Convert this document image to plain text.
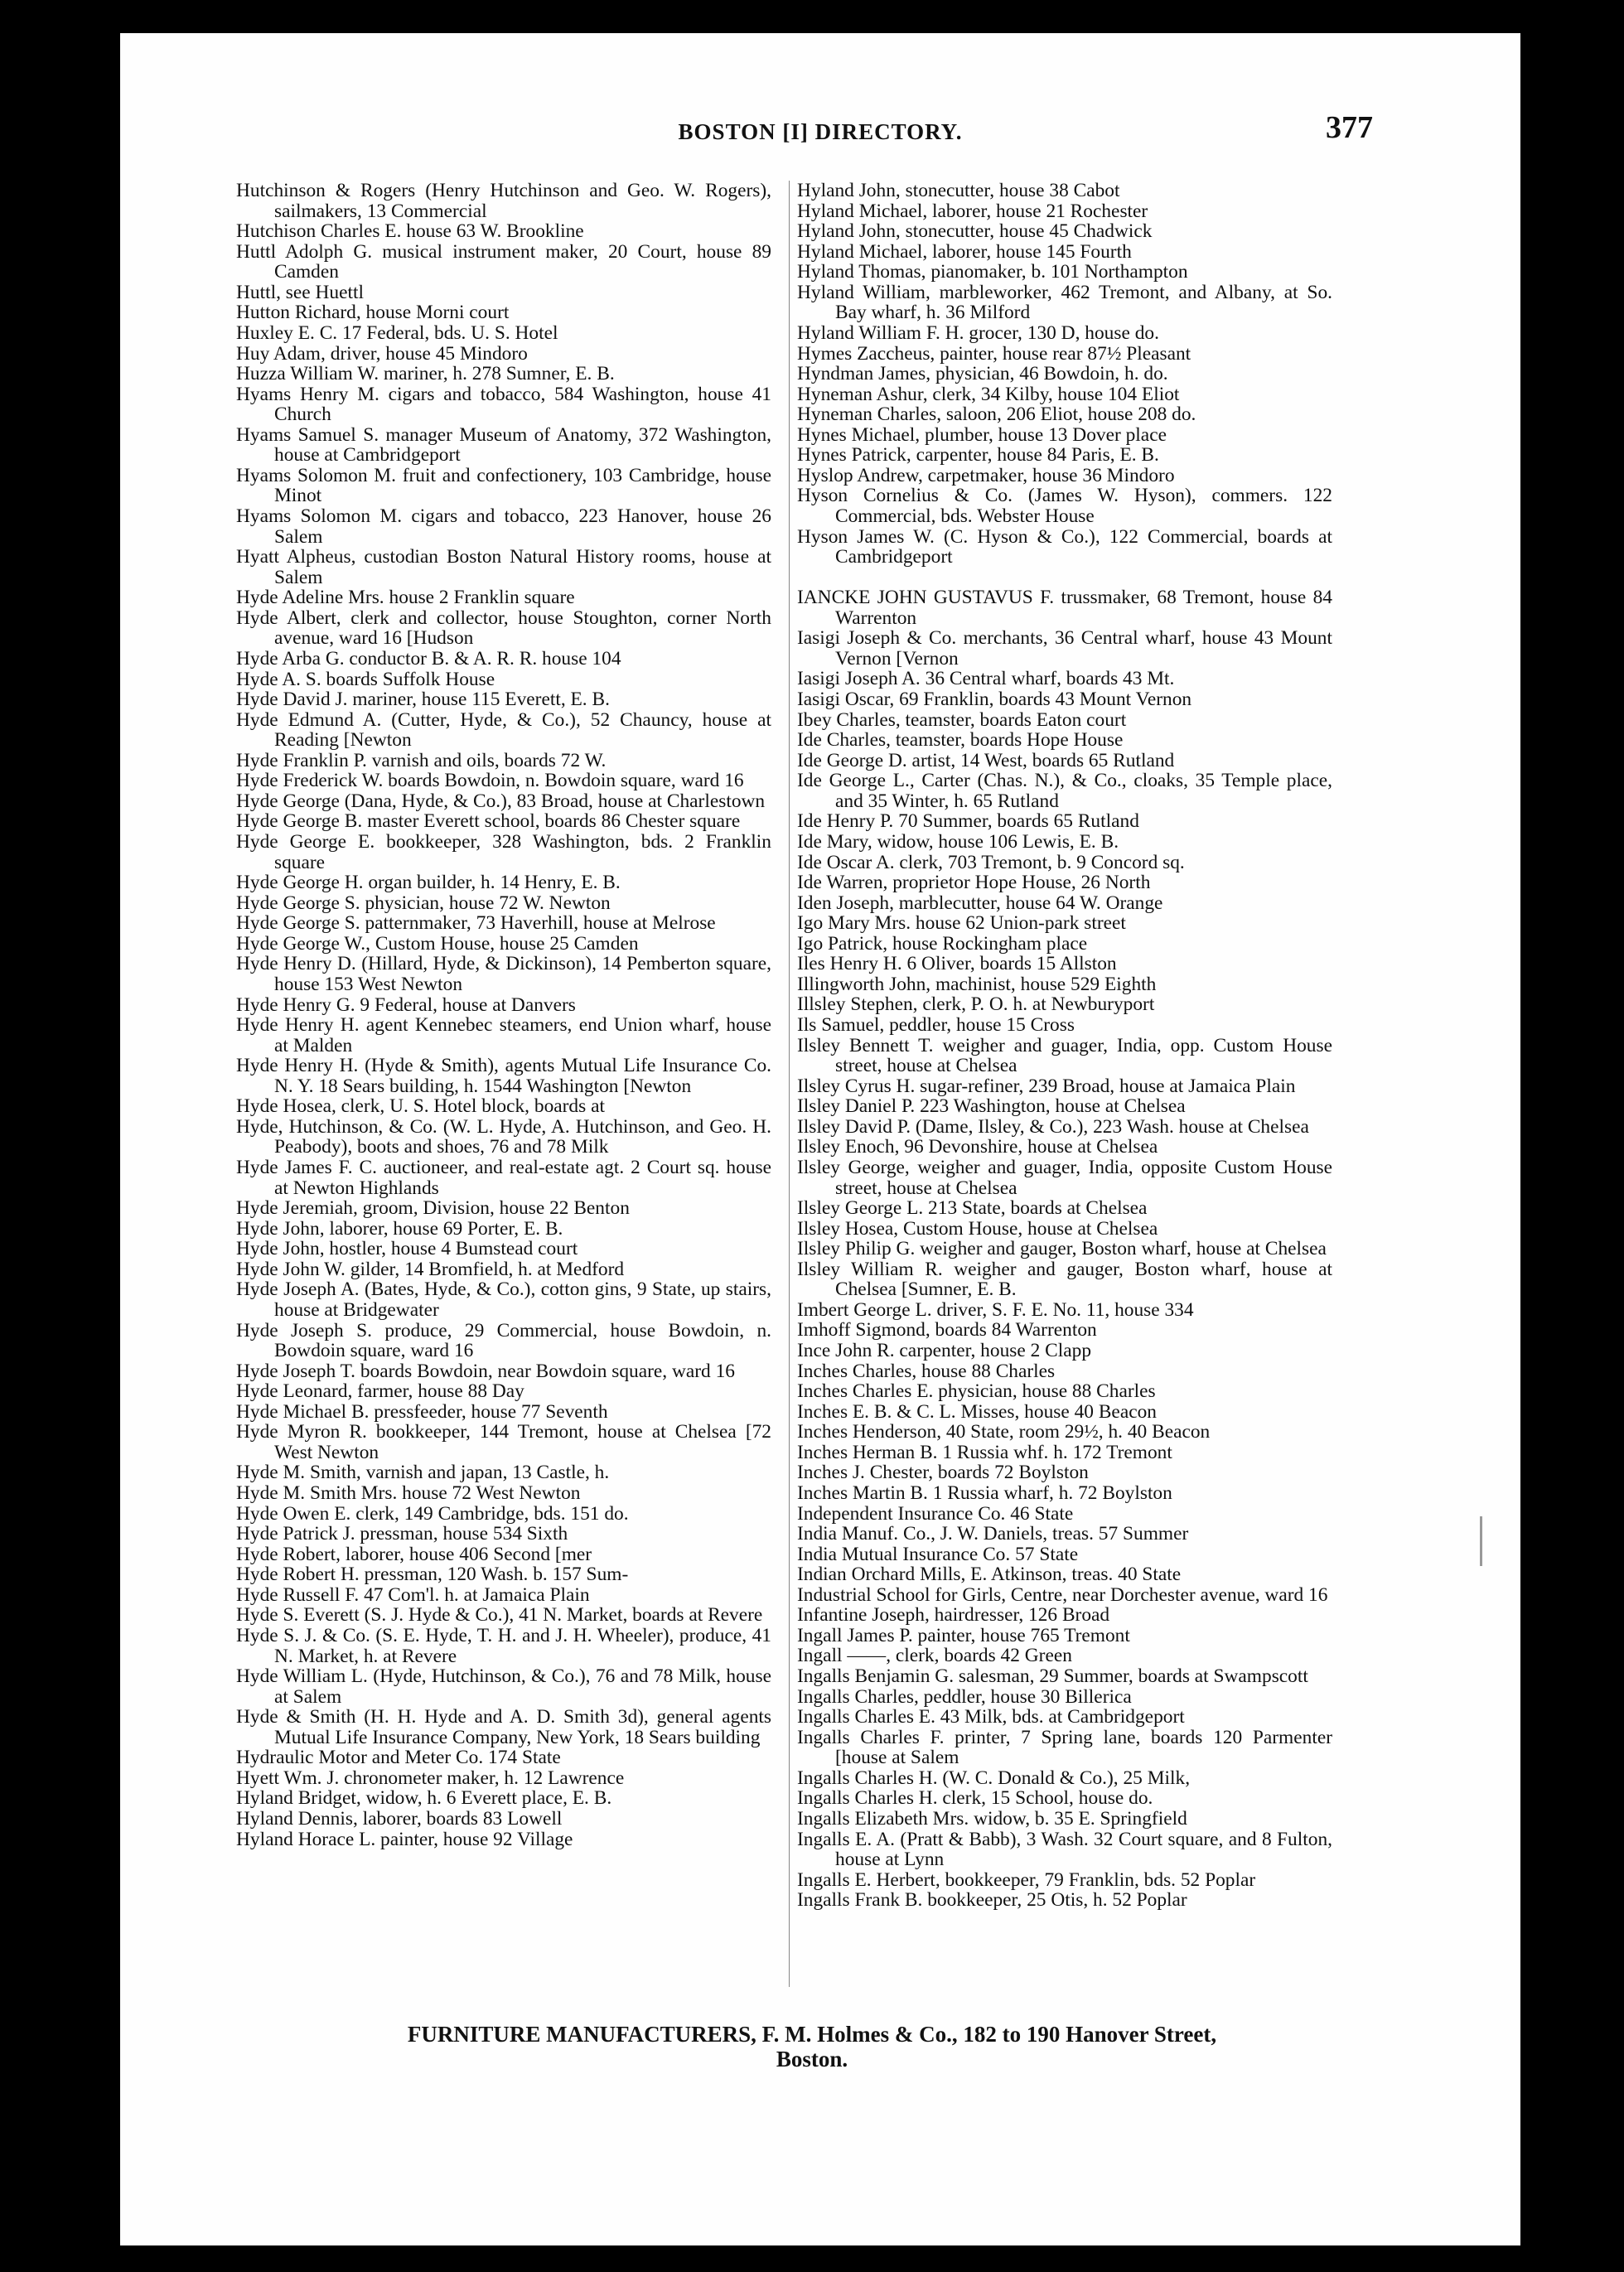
BOSTON [I] DIRECTORY.	377
Hutchinson & Rogers (Henry Hutchinson and Geo. W. Rogers), sailmakers, 13 Commercial
Hutchison Charles E. house 63 W. Brookline
Huttl Adolph G. musical instrument maker, 20 Court, house 89 Camden
Huttl, see Huettl
Hutton Richard, house Morni court
Huxley E. C. 17 Federal, bds. U. S. Hotel
Huy Adam, driver, house 45 Mindoro
Huzza William W. mariner, h. 278 Sumner, E. B.
Hyams Henry M. cigars and tobacco, 584 Washington, house 41 Church
Hyams Samuel S. manager Museum of Anatomy, 372 Washington, house at Cambridgeport
Hyams Solomon M. fruit and confectionery, 103 Cambridge, house Minot
Hyams Solomon M. cigars and tobacco, 223 Hanover, house 26 Salem
Hyatt Alpheus, custodian Boston Natural History rooms, house at Salem
Hyde Adeline Mrs. house 2 Franklin square
Hyde Albert, clerk and collector, house Stoughton, corner North avenue, ward 16 [Hudson
Hyde Arba G. conductor B. & A. R. R. house 104
Hyde A. S. boards Suffolk House
Hyde David J. mariner, house 115 Everett, E. B.
Hyde Edmund A. (Cutter, Hyde, & Co.), 52 Chauncy, house at Reading [Newton
Hyde Franklin P. varnish and oils, boards 72 W.
Hyde Frederick W. boards Bowdoin, n. Bowdoin square, ward 16
Hyde George (Dana, Hyde, & Co.), 83 Broad, house at Charlestown
Hyde George B. master Everett school, boards 86 Chester square
Hyde George E. bookkeeper, 328 Washington, bds. 2 Franklin square
Hyde George H. organ builder, h. 14 Henry, E. B.
Hyde George S. physician, house 72 W. Newton
Hyde George S. patternmaker, 73 Haverhill, house at Melrose
Hyde George W., Custom House, house 25 Camden
Hyde Henry D. (Hillard, Hyde, & Dickinson), 14 Pemberton square, house 153 West Newton
Hyde Henry G. 9 Federal, house at Danvers
Hyde Henry H. agent Kennebec steamers, end Union wharf, house at Malden
Hyde Henry H. (Hyde & Smith), agents Mutual Life Insurance Co. N. Y. 18 Sears building, h. 1544 Washington [Newton
Hyde Hosea, clerk, U. S. Hotel block, boards at
Hyde, Hutchinson, & Co. (W. L. Hyde, A. Hutchinson, and Geo. H. Peabody), boots and shoes, 76 and 78 Milk
Hyde James F. C. auctioneer, and real-estate agt. 2 Court sq. house at Newton Highlands
Hyde Jeremiah, groom, Division, house 22 Benton
Hyde John, laborer, house 69 Porter, E. B.
Hyde John, hostler, house 4 Bumstead court
Hyde John W. gilder, 14 Bromfield, h. at Medford
Hyde Joseph A. (Bates, Hyde, & Co.), cotton gins, 9 State, up stairs, house at Bridgewater
Hyde Joseph S. produce, 29 Commercial, house Bowdoin, n. Bowdoin square, ward 16
Hyde Joseph T. boards Bowdoin, near Bowdoin square, ward 16
Hyde Leonard, farmer, house 88 Day
Hyde Michael B. pressfeeder, house 77 Seventh
Hyde Myron R. bookkeeper, 144 Tremont, house at Chelsea [72 West Newton
Hyde M. Smith, varnish and japan, 13 Castle, h.
Hyde M. Smith Mrs. house 72 West Newton
Hyde Owen E. clerk, 149 Cambridge, bds. 151 do.
Hyde Patrick J. pressman, house 534 Sixth
Hyde Robert, laborer, house 406 Second [mer
Hyde Robert H. pressman, 120 Wash. b. 157 Sum-
Hyde Russell F. 47 Com'l. h. at Jamaica Plain
Hyde S. Everett (S. J. Hyde & Co.), 41 N. Market, boards at Revere
Hyde S. J. & Co. (S. E. Hyde, T. H. and J. H. Wheeler), produce, 41 N. Market, h. at Revere
Hyde William L. (Hyde, Hutchinson, & Co.), 76 and 78 Milk, house at Salem
Hyde & Smith (H. H. Hyde and A. D. Smith 3d), general agents Mutual Life Insurance Company, New York, 18 Sears building
Hydraulic Motor and Meter Co. 174 State
Hyett Wm. J. chronometer maker, h. 12 Lawrence
Hyland Bridget, widow, h. 6 Everett place, E. B.
Hyland Dennis, laborer, boards 83 Lowell
Hyland Horace L. painter, house 92 Village
Hyland John, stonecutter, house 38 Cabot
Hyland Michael, laborer, house 21 Rochester
Hyland John, stonecutter, house 45 Chadwick
Hyland Michael, laborer, house 145 Fourth
Hyland Thomas, pianomaker, b. 101 Northampton
Hyland William, marbleworker, 462 Tremont, and Albany, at So. Bay wharf, h. 36 Milford
Hyland William F. H. grocer, 130 D, house do.
Hymes Zaccheus, painter, house rear 87½ Pleasant
Hyndman James, physician, 46 Bowdoin, h. do.
Hyneman Ashur, clerk, 34 Kilby, house 104 Eliot
Hyneman Charles, saloon, 206 Eliot, house 208 do.
Hynes Michael, plumber, house 13 Dover place
Hynes Patrick, carpenter, house 84 Paris, E. B.
Hyslop Andrew, carpetmaker, house 36 Mindoro
Hyson Cornelius & Co. (James W. Hyson), commers. 122 Commercial, bds. Webster House
Hyson James W. (C. Hyson & Co.), 122 Commercial, boards at Cambridgeport
IANCKE JOHN GUSTAVUS F. trussmaker, 68 Tremont, house 84 Warrenton
Iasigi Joseph & Co. merchants, 36 Central wharf, house 43 Mount Vernon [Vernon
Iasigi Joseph A. 36 Central wharf, boards 43 Mt.
Iasigi Oscar, 69 Franklin, boards 43 Mount Vernon
Ibey Charles, teamster, boards Eaton court
Ide Charles, teamster, boards Hope House
Ide George D. artist, 14 West, boards 65 Rutland
Ide George L., Carter (Chas. N.), & Co., cloaks, 35 Temple place, and 35 Winter, h. 65 Rutland
Ide Henry P. 70 Summer, boards 65 Rutland
Ide Mary, widow, house 106 Lewis, E. B.
Ide Oscar A. clerk, 703 Tremont, b. 9 Concord sq.
Ide Warren, proprietor Hope House, 26 North
Iden Joseph, marblecutter, house 64 W. Orange
Igo Mary Mrs. house 62 Union-park street
Igo Patrick, house Rockingham place
Iles Henry H. 6 Oliver, boards 15 Allston
Illingworth John, machinist, house 529 Eighth
Illsley Stephen, clerk, P. O. h. at Newburyport
Ils Samuel, peddler, house 15 Cross
Ilsley Bennett T. weigher and guager, India, opp. Custom House street, house at Chelsea
Ilsley Cyrus H. sugar-refiner, 239 Broad, house at Jamaica Plain
Ilsley Daniel P. 223 Washington, house at Chelsea
Ilsley David P. (Dame, Ilsley, & Co.), 223 Wash. house at Chelsea
Ilsley Enoch, 96 Devonshire, house at Chelsea
Ilsley George, weigher and guager, India, opposite Custom House street, house at Chelsea
Ilsley George L. 213 State, boards at Chelsea
Ilsley Hosea, Custom House, house at Chelsea
Ilsley Philip G. weigher and gauger, Boston wharf, house at Chelsea
Ilsley William R. weigher and gauger, Boston wharf, house at Chelsea [Sumner, E. B.
Imbert George L. driver, S. F. E. No. 11, house 334
Imhoff Sigmond, boards 84 Warrenton
Ince John R. carpenter, house 2 Clapp
Inches Charles, house 88 Charles
Inches Charles E. physician, house 88 Charles
Inches E. B. & C. L. Misses, house 40 Beacon
Inches Henderson, 40 State, room 29½, h. 40 Beacon
Inches Herman B. 1 Russia whf. h. 172 Tremont
Inches J. Chester, boards 72 Boylston
Inches Martin B. 1 Russia wharf, h. 72 Boylston
Independent Insurance Co. 46 State
India Manuf. Co., J. W. Daniels, treas. 57 Summer
India Mutual Insurance Co. 57 State
Indian Orchard Mills, E. Atkinson, treas. 40 State
Industrial School for Girls, Centre, near Dorchester avenue, ward 16
Infantine Joseph, hairdresser, 126 Broad
Ingall James P. painter, house 765 Tremont
Ingall ——, clerk, boards 42 Green
Ingalls Benjamin G. salesman, 29 Summer, boards at Swampscott
Ingalls Charles, peddler, house 30 Billerica
Ingalls Charles E. 43 Milk, bds. at Cambridgeport
Ingalls Charles F. printer, 7 Spring lane, boards 120 Parmenter [house at Salem
Ingalls Charles H. (W. C. Donald & Co.), 25 Milk,
Ingalls Charles H. clerk, 15 School, house do.
Ingalls Elizabeth Mrs. widow, b. 35 E. Springfield
Ingalls E. A. (Pratt & Babb), 3 Wash. 32 Court square, and 8 Fulton, house at Lynn
Ingalls E. Herbert, bookkeeper, 79 Franklin, bds. 52 Poplar
Ingalls Frank B. bookkeeper, 25 Otis, h. 52 Poplar
FURNITURE MANUFACTURERS, F. M. Holmes & Co., 182 to 190 Hanover Street,
Boston.
